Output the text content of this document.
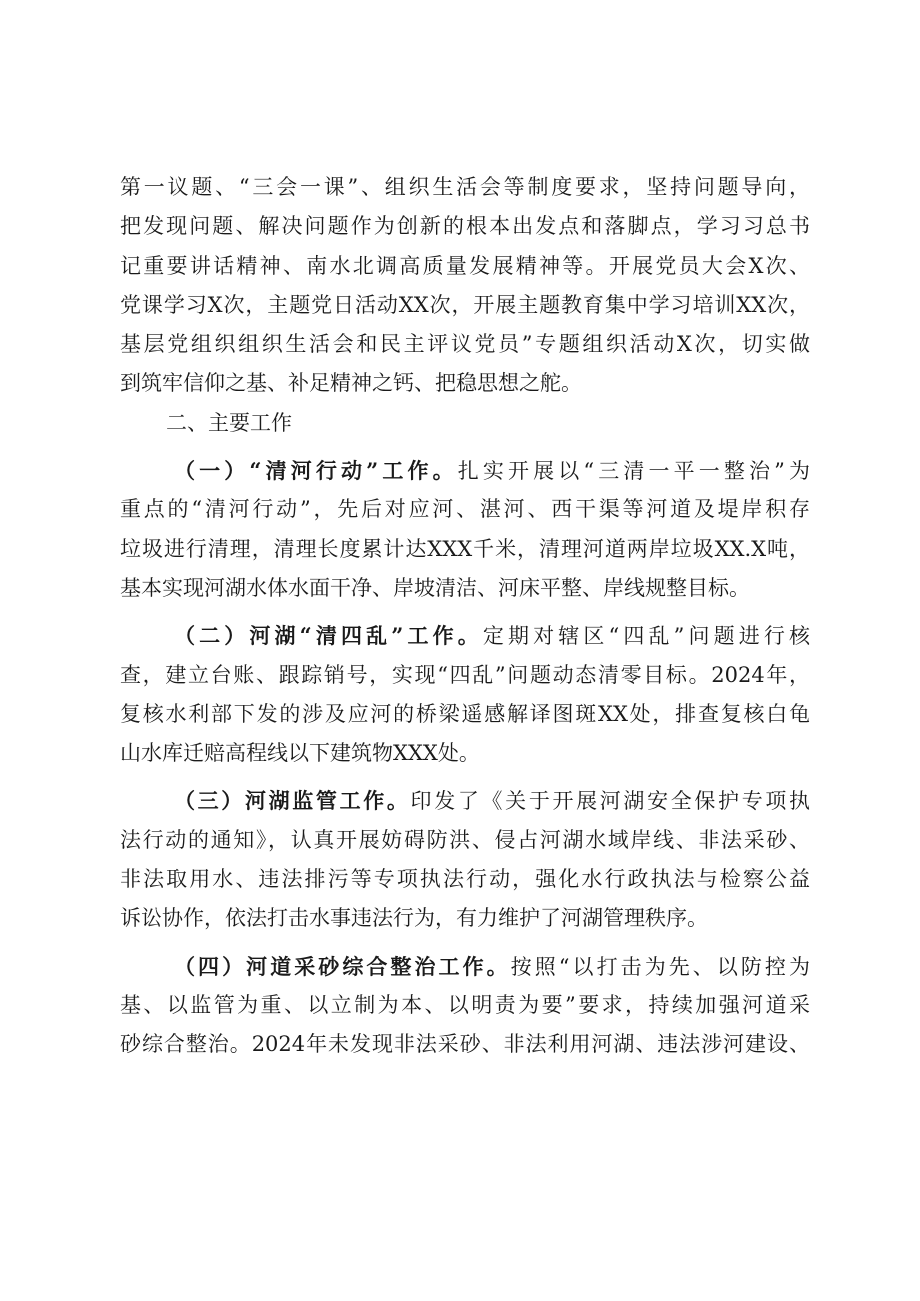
第一议题、“三会一课”、组织生活会等制度要求，坚持问题导向，
把发现问题、解决问题作为创新的根本出发点和落脚点，学习习总书
记重要讲话精神、南水北调高质量发展精神等。开展党员大会X次、
党课学习X次，主题党日活动XX次，开展主题教育集中学习培训XX次，
基层党组织组织生活会和民主评议党员”专题组织活动X次，切实做
到筑牢信仰之基、补足精神之钙、把稳思想之舵。
二、主要工作
（一）“清河行动”工作。扎实开展以“三清一平一整治”为
重点的“清河行动”，先后对应河、湛河、西干渠等河道及堤岸积存
垃圾进行清理，清理长度累计达XXX千米，清理河道两岸垃圾XX.X吨，
基本实现河湖水体水面干净、岸坡清洁、河床平整、岸线规整目标。
（二）河湖“清四乱”工作。定期对辖区“四乱”问题进行核
查，建立台账、跟踪销号，实现“四乱”问题动态清零目标。2024年，
复核水利部下发的涉及应河的桥梁遥感解译图斑XX处，排查复核白龟
山水库迁赔高程线以下建筑物XXX处。
（三）河湖监管工作。印发了《关于开展河湖安全保护专项执
法行动的通知》，认真开展妨碍防洪、侵占河湖水域岸线、非法采砂、
非法取用水、违法排污等专项执法行动，强化水行政执法与检察公益
诉讼协作，依法打击水事违法行为，有力维护了河湖管理秩序。
（四）河道采砂综合整治工作。按照“以打击为先、以防控为
基、以监管为重、以立制为本、以明责为要”要求，持续加强河道采
砂综合整治。2024年未发现非法采砂、非法利用河湖、违法涉河建设、
